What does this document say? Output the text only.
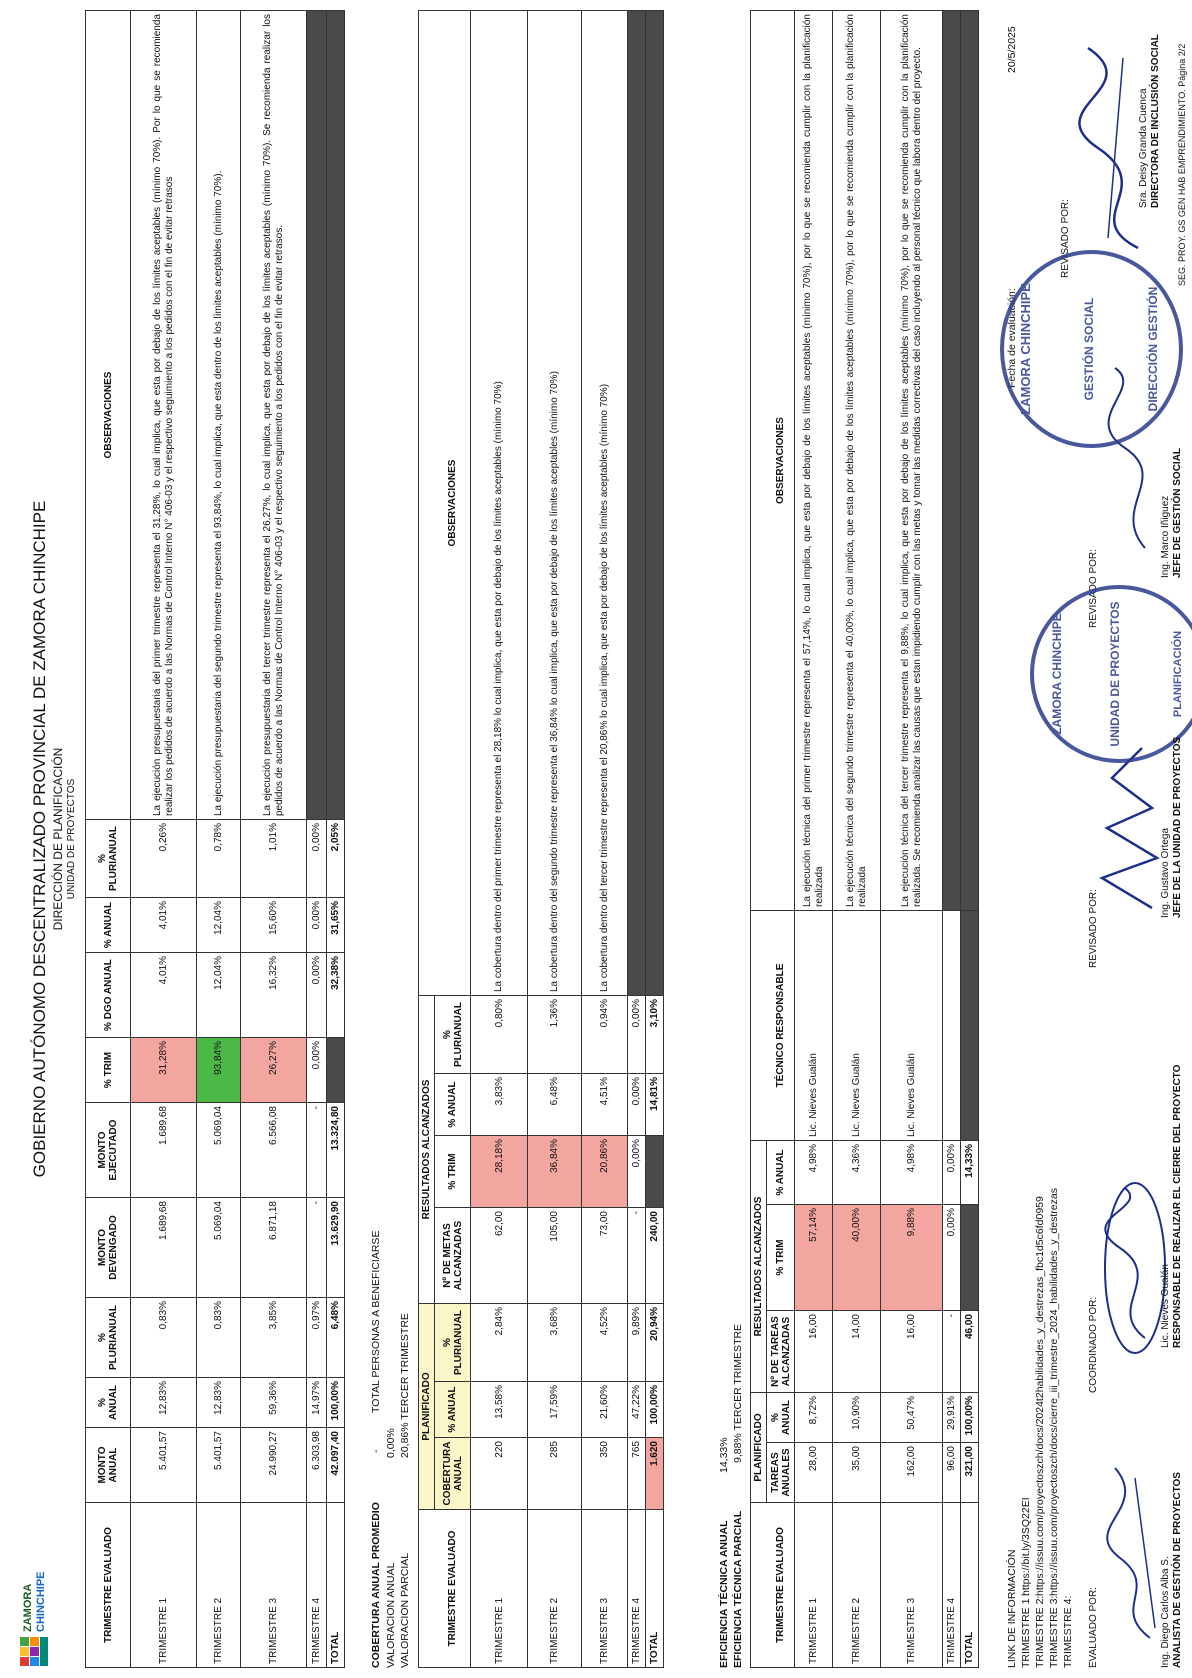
ZAMORA CHINCHIPE
GOBIERNO AUTÓNOMO DESCENTRALIZADO PROVINCIAL DE ZAMORA CHINCHIPE DIRECCIÓN DE PLANIFICACIÓN UNIDAD DE PROYECTOS
TRIMESTRE EVALUADO	MONTO ANUAL	% ANUAL	% PLURIANUAL	MONTO DEVENGADO	MONTO EJECUTADO	% TRIM	% DGO ANUAL	% ANUAL	% PLURIANUAL	OBSERVACIONES
TRIMESTRE 1	5.401,57	12,83%	0,83%	1.689,68	1.689,68	31,28%	4,01%	4,01%	0,26%	La ejecución presupuestaria del primer trimestre representa el 31,28%, lo cual implica, que esta por debajo de los límites aceptables (mínimo 70%). Por lo que se recomienda realizar los pedidos de acuerdo a las Normas de Control Interno N° 406-03 y el respectivo seguimiento a los pedidos con el fin de evitar retrasos
TRIMESTRE 2	5.401,57	12,83%	0,83%	5.069,04	5.069,04	93,84%	12,04%	12,04%	0,78%	La ejecución presupuestaria del segundo trimestre representa el 93,84%, lo cual implica, que esta dentro de los límites aceptables (mínimo 70%).
TRIMESTRE 3	24.990,27	59,36%	3,85%	6.871,18	6.566,08	26,27%	16,32%	15,60%	1,01%	La ejecución presupuestaria del tercer trimestre representa el 26,27%, lo cual implica, que esta por debajo de los límites aceptables (mínimo 70%). Se recomienda realizar los pedidos de acuerdo a las Normas de Control Interno N° 406-03 y el respectivo seguimiento a los pedidos con el fin de evitar retrasos.
TRIMESTRE 4	6.303,98	14,97%	0,97%	-	-	0,00%	0,00%	0,00%	0,00%	
TOTAL	42.097,40	100,00%	6,48%	13.629,90	13.324,80		32,38%	31,65%	2,05%	
COBERTURA ANUAL PROMEDIO
-
TOTAL PERSONAS A BENEFICIARSE
VALORACION ANUAL
0,00%
VALORACION PARCIAL
20,86% TERCER TRIMESTRE
	PLANIFICADO			RESULTADOS ALCANZADOS				
TRIMESTRE EVALUADO	COBERTURA ANUAL	% ANUAL	% PLURIANUAL	Nº DE METAS ALCANZADAS	% TRIM	% ANUAL	% PLURIANUAL	OBSERVACIONES
TRIMESTRE 1	220	13,58%	2,84%	62,00	28,18%	3,83%	0,80%	La cobertura dentro del primer trimestre representa el 28,18% lo cual implica, que esta por debajo de los límites aceptables (mínimo 70%)
TRIMESTRE 2	285	17,59%	3,68%	105,00	36,84%	6,48%	1,36%	La cobertura dentro del segundo trimestre representa el 36,84% lo cual implica, que esta por debajo de los límites aceptables (mínimo 70%)
TRIMESTRE 3	350	21,60%	4,52%	73,00	20,86%	4,51%	0,94%	La cobertura dentro del tercer trimestre representa el 20,86% lo cual implica, que esta por debajo de los límites aceptables (mínimo 70%)
TRIMESTRE 4	765	47,22%	9,89%	-	0,00%	0,00%	0,00%	
TOTAL	1.620	100,00%	20,94%	240,00		14,81%	3,10%	
EFICIENCIA TÉCNICA ANUAL
14,33%
EFICIENCIA TÉCNICA PARCIAL
9,88% TERCER TRIMESTRE
	PLANIFICADO		RESULTADOS ALCANZADOS				
TRIMESTRE EVALUADO	TAREAS ANUALES	% ANUAL	Nº DE TAREAS ALCANZADAS	% TRIM	% ANUAL	TÉCNICO RESPONSABLE	OBSERVACIONES
TRIMESTRE 1	28,00	8,72%	16,00	57,14%	4,98%	Lic. Nieves Gualán	La ejecución técnica del primer trimestre representa el 57,14%, lo cual implica, que esta por debajo de los límites aceptables (mínimo 70%), por lo que se recomienda cumplir con la planificación realizada
TRIMESTRE 2	35,00	10,90%	14,00	40,00%	4,36%	Lic. Nieves Gualán	La ejecución técnica del segundo trimestre representa el 40,00%, lo cual implica, que esta por debajo de los límites aceptables (mínimo 70%), por lo que se recomienda cumplir con la planificación realizada
TRIMESTRE 3	162,00	50,47%	16,00	9,88%	4,98%	Lic. Nieves Gualán	La ejecución técnica del tercer trimestre representa el 9,88%, lo cual implica, que esta por debajo de los límites aceptables (mínimo 70%), por lo que se recomienda cumplir con la planificación realizada. Se recomienda analizar las causas que estan impidiendo cumplir con las metas y tomar las medidas correctivas del caso incluyendo al personal técnico que labora dentro del proyecto.
TRIMESTRE 4	96,00	29,91%	-	0,00%	0,00%		
TOTAL	321,00	100,00%	46,00		14,33%		
LINK DE INFORMACIÓN TRIMESTRE 1 :
https://bit.ly/3SQ22EI
TRIMESTRE 2:
https://issuu.com/proyectoszch/docs/2024t2habilidades_y_destrezas_fbc1d5c6fd0959
TRIMESTRE 3:
https://issuu.com/proyectoszch/docs/cierre_iii_trimestre_2024_habilidades_y_destrezas
TRIMESTRE 4:
Fecha de evaluación:
20/5/2025
EVALUADO POR:
COORDINADO POR:
REVISADO POR:
REVISADO POR:
REVISADO POR:
ZAMORA CHINCHIPE	UNIDAD DE PROYECTOS	PLANIFICACIÓN
ZAMORA CHINCHIPE	GESTIÓN SOCIAL	DIRECCIÓN GESTIÓN
Ing. Diego Carlos Alba S. ANALISTA DE GESTIÓN DE PROYECTOS
Lic. Nieves Gualán RESPONSABLE DE REALIZAR EL CIERRE DEL PROYECTO
Ing. Gustavo Ortega JEFE DE LA UNIDAD DE PROYECTOS
Ing. Marco Iñiguez JEFE DE GESTIÓN SOCIAL
Sra. Deisy Granda Cuenca DIRECTORA DE INCLUSIÓN SOCIAL SEG. PROY. GS GEN HAB EMPRENDIMIENTO. Página 2/2
